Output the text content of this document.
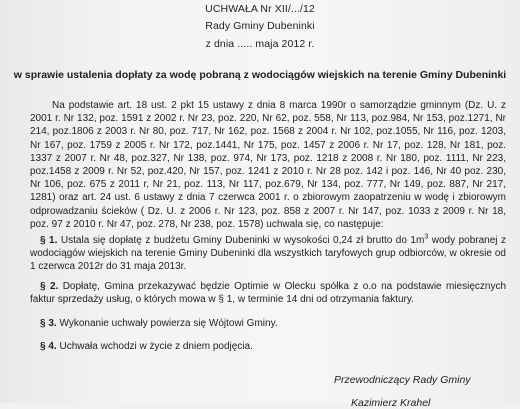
UCHWAŁA Nr XII/.../12
Rady Gminy Dubeninki
z dnia ..... maja 2012 r.
w sprawie ustalenia dopłaty za wodę pobraną z wodociągów wiejskich na terenie Gminy Dubeninki
Na podstawie art. 18 ust. 2 pkt 15 ustawy z dnia 8 marca 1990r o samorządzie gminnym (Dz. U. z 2001 r. Nr 132, poz. 1591 z 2002 r. Nr 23, poz. 220, Nr 62, poz. 558, Nr 113, poz.984, Nr 153, poz.1271, Nr 214, poz.1806 z 2003 r. Nr 80, poz. 717, Nr 162, poz. 1568 z 2004 r. Nr 102, poz.1055, Nr 116, poz. 1203, Nr 167, poz. 1759 z 2005 r. Nr 172, poz.1441, Nr 175, poz. 1457 z 2006 r. Nr 17, poz. 128, Nr 181, poz. 1337 z 2007 r. Nr 48, poz.327, Nr 138, poz. 974, Nr 173, poz. 1218 z 2008 r. Nr 180, poz. 1111, Nr 223, poz.1458 z 2009 r. Nr 52, poz.420, Nr 157, poz. 1241 z 2010 r. Nr 28 poz. 142 i poz. 146, Nr 40 poz. 230, Nr 106, poz. 675 z 2011 r, Nr 21, poz. 113, Nr 117, poz.679, Nr 134, poz. 777, Nr 149, poz. 887, Nr 217, 1281) oraz art. 24 ust. 6 ustawy z dnia 7 czerwca 2001 r. o zbiorowym zaopatrzeniu w wodę i zbiorowym odprowadzaniu ścieków ( Dz. U. z 2006 r. Nr 123, poz. 858 z 2007 r. Nr 147, poz. 1033 z 2009 r. Nr 18, poz. 97 z 2010 r. Nr 47, poz. 278, Nr 238, poz. 1578) uchwala się, co następuje:
§ 1. Ustala się dopłatę z budżetu Gminy Dubeninki w wysokości 0,24 zł brutto do $1m^3$ wody pobranej z wodociągów wiejskich na terenie Gminy Dubeninki dla wszystkich taryfowych grup odbiorców, w okresie od 1 czerwca 2012r do 31 maja 2013r.
§ 2. Dopłatę, Gmina przekazywać będzie Optimie w Olecku spółka z o.o na podstawie miesięcznych faktur sprzedaży usług, o których mowa w § 1, w terminie 14 dni od otrzymania faktury.
§ 3. Wykonanie uchwały powierza się Wójtowi Gminy.
§ 4. Uchwała wchodzi w życie z dniem podjęcia.
Przewodniczący Rady Gminy
Kazimierz Krahel
